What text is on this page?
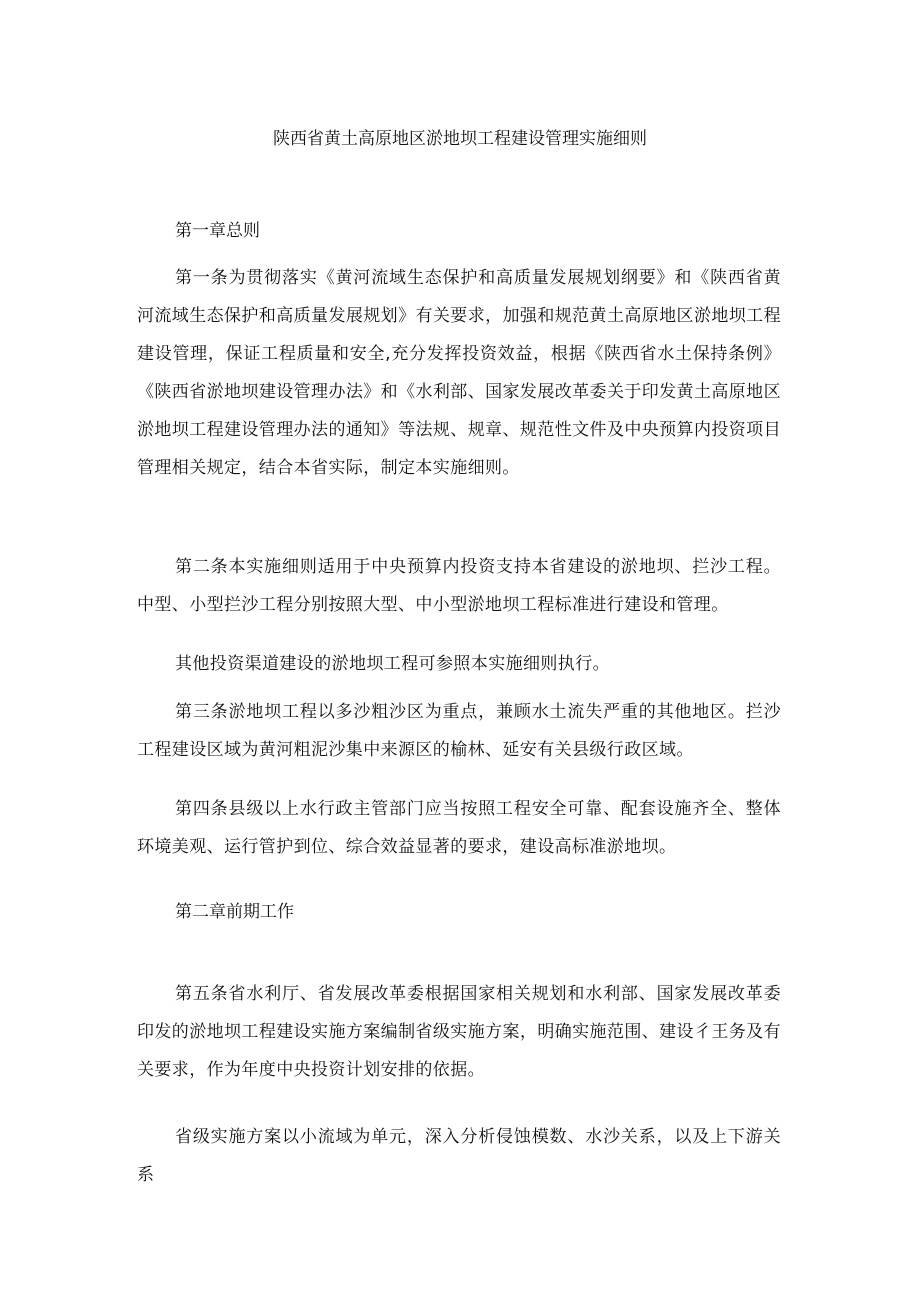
陕西省黄土高原地区淤地坝工程建设管理实施细则
第一章总则
第一条为贯彻落实《黄河流域生态保护和高质量发展规划纲要》和《陕西省黄河流域生态保护和高质量发展规划》有关要求，加强和规范黄土高原地区淤地坝工程建设管理，保证工程质量和安全,充分发挥投资效益，根据《陕西省水土保持条例》《陕西省淤地坝建设管理办法》和《水利部、国家发展改革委关于印发黄土高原地区淤地坝工程建设管理办法的通知》等法规、规章、规范性文件及中央预算内投资项目管理相关规定，结合本省实际，制定本实施细则。
第二条本实施细则适用于中央预算内投资支持本省建设的淤地坝、拦沙工程。中型、小型拦沙工程分别按照大型、中小型淤地坝工程标准进行建设和管理。
其他投资渠道建设的淤地坝工程可参照本实施细则执行。
第三条淤地坝工程以多沙粗沙区为重点，兼顾水土流失严重的其他地区。拦沙工程建设区域为黄河粗泥沙集中来源区的榆林、延安有关县级行政区域。
第四条县级以上水行政主管部门应当按照工程安全可靠、配套设施齐全、整体环境美观、运行管护到位、综合效益显著的要求，建设高标准淤地坝。
第二章前期工作
第五条省水利厅、省发展改革委根据国家相关规划和水利部、国家发展改革委印发的淤地坝工程建设实施方案编制省级实施方案，明确实施范围、建设彳王务及有关要求，作为年度中央投资计划安排的依据。
省级实施方案以小流域为单元，深入分析侵蚀模数、水沙关系，以及上下游关系
